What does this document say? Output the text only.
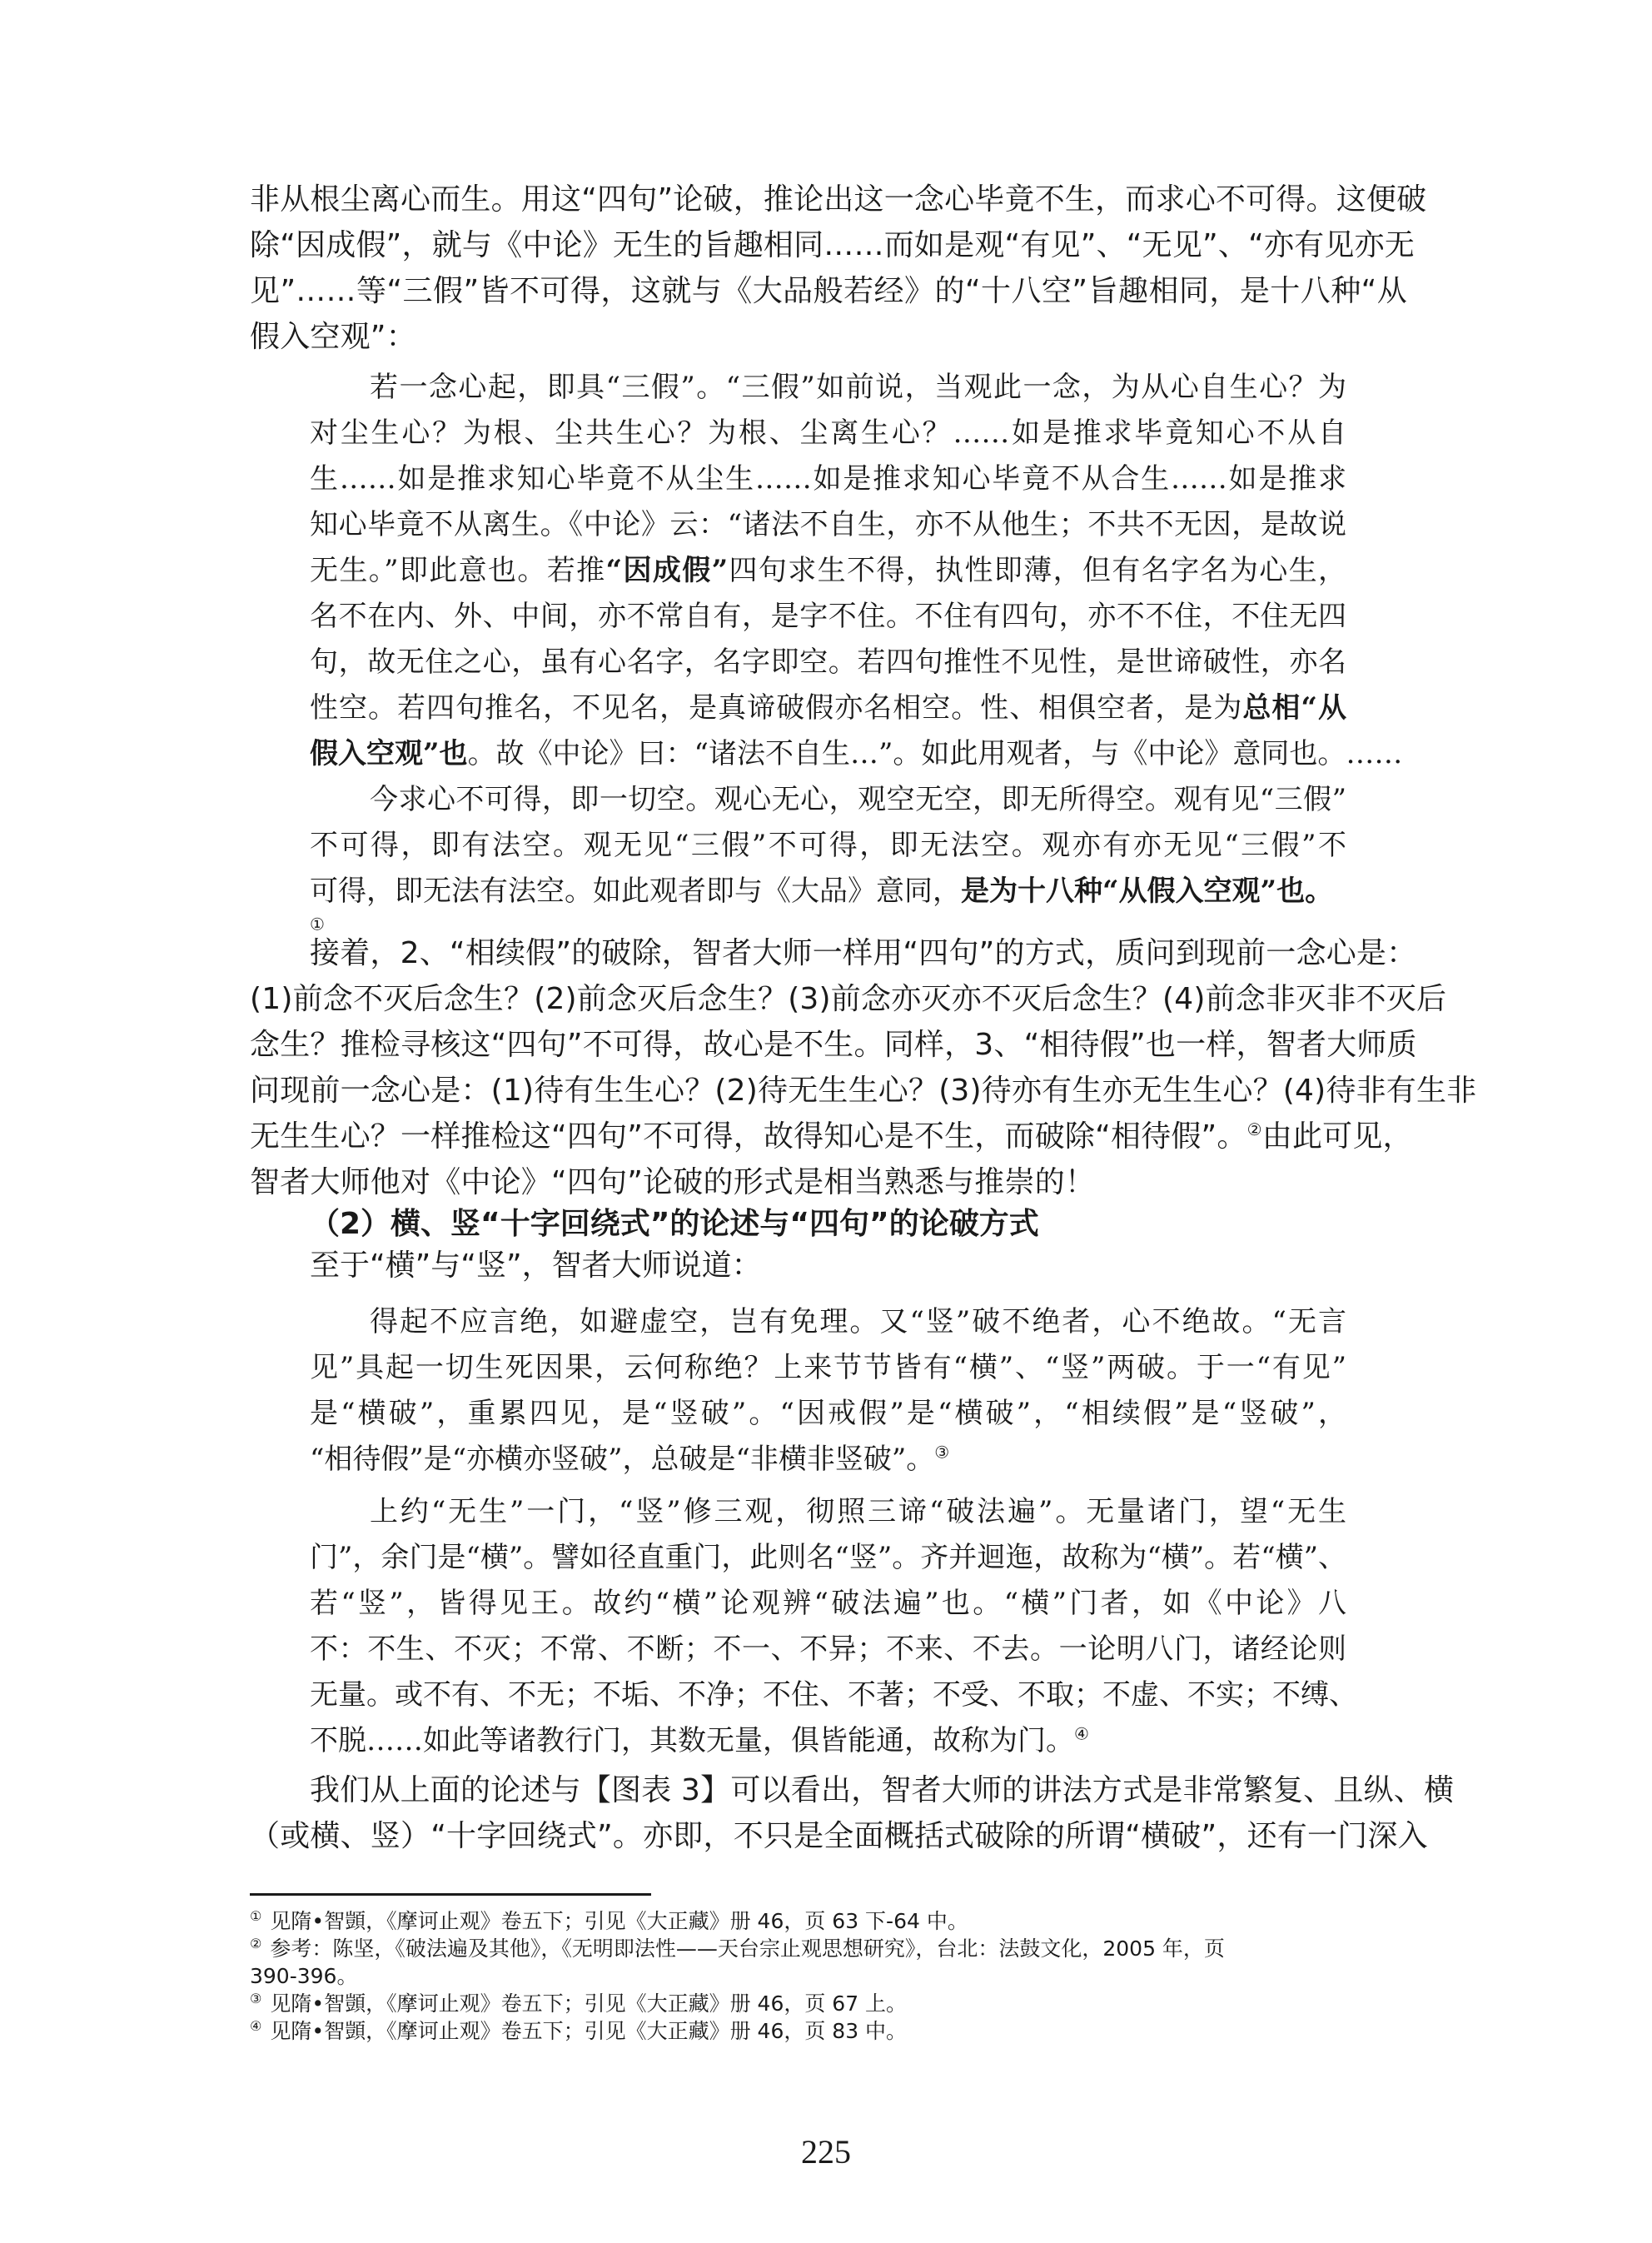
非从根尘离心而生。用这“四句”论破，推论出这一念心毕竟不生，而求心不可得。这便破
除“因成假”，就与《中论》无生的旨趣相同……而如是观“有见”、“无见”、“亦有见亦无
见”……等“三假”皆不可得，这就与《大品般若经》的“十八空”旨趣相同，是十八种“从
假入空观”：
若一念心起，即具“三假”。“三假”如前说，当观此一念，为从心自生心？为
对尘生心？为根、尘共生心？为根、尘离生心？……如是推求毕竟知心不从自
生……如是推求知心毕竟不从尘生……如是推求知心毕竟不从合生……如是推求
知心毕竟不从离生。《中论》云：“诸法不自生，亦不从他生；不共不无因，是故说
无生。”即此意也。若推“因成假”四句求生不得，执性即薄，但有名字名为心生，
名不在内、外、中间，亦不常自有，是字不住。不住有四句，亦不不住，不住无四
句，故无住之心，虽有心名字，名字即空。若四句推性不见性，是世谛破性，亦名
性空。若四句推名，不见名，是真谛破假亦名相空。性、相俱空者，是为总相“从
假入空观”也。故《中论》曰：“诸法不自生…”。如此用观者，与《中论》意同也。……
今求心不可得，即一切空。观心无心，观空无空，即无所得空。观有见“三假”
不可得，即有法空。观无见“三假”不可得，即无法空。观亦有亦无见“三假”不
可得，即无法有法空。如此观者即与《大品》意同，是为十八种“从假入空观”也。
①
接着，2、“相续假”的破除，智者大师一样用“四句”的方式，质问到现前一念心是：
(1)前念不灭后念生？(2)前念灭后念生？(3)前念亦灭亦不灭后念生？(4)前念非灭非不灭后
念生？推检寻核这“四句”不可得，故心是不生。同样，3、“相待假”也一样，智者大师质
问现前一念心是：(1)待有生生心？(2)待无生生心？(3)待亦有生亦无生生心？(4)待非有生非
无生生心？一样推检这“四句”不可得，故得知心是不生，而破除“相待假”。②由此可见，
智者大师他对《中论》“四句”论破的形式是相当熟悉与推崇的！
（2）横、竖“十字回绕式”的论述与“四句”的论破方式
至于“横”与“竖”，智者大师说道：
得起不应言绝，如避虚空，岂有免理。又“竖”破不绝者，心不绝故。“无言
见”具起一切生死因果，云何称绝？上来节节皆有“横”、“竖”两破。于一“有见”
是“横破”，重累四见，是“竖破”。“因戒假”是“横破”，“相续假”是“竖破”，
“相待假”是“亦横亦竖破”，总破是“非横非竖破”。③
上约“无生”一门，“竖”修三观，彻照三谛“破法遍”。无量诸门，望“无生
门”，余门是“横”。譬如径直重门，此则名“竖”。齐并迴迤，故称为“横”。若“横”、
若“竖”，皆得见王。故约“横”论观辨“破法遍”也。“横”门者，如《中论》八
不：不生、不灭；不常、不断；不一、不异；不来、不去。一论明八门，诸经论则
无量。或不有、不无；不垢、不净；不住、不著；不受、不取；不虚、不实；不缚、
不脱……如此等诸教行门，其数无量，俱皆能通，故称为门。④
我们从上面的论述与【图表 3】可以看出，智者大师的讲法方式是非常繁复、且纵、横
（或横、竖）“十字回绕式”。亦即，不只是全面概括式破除的所谓“横破”，还有一门深入
① 见隋•智顗，《摩诃止观》卷五下；引见《大正藏》册 46，页 63 下-64 中。
② 参考：陈坚，《破法遍及其他》，《无明即法性——天台宗止观思想研究》，台北：法鼓文化，2005 年，页
390-396。
③ 见隋•智顗，《摩诃止观》卷五下；引见《大正藏》册 46，页 67 上。
④ 见隋•智顗，《摩诃止观》卷五下；引见《大正藏》册 46，页 83 中。
225
